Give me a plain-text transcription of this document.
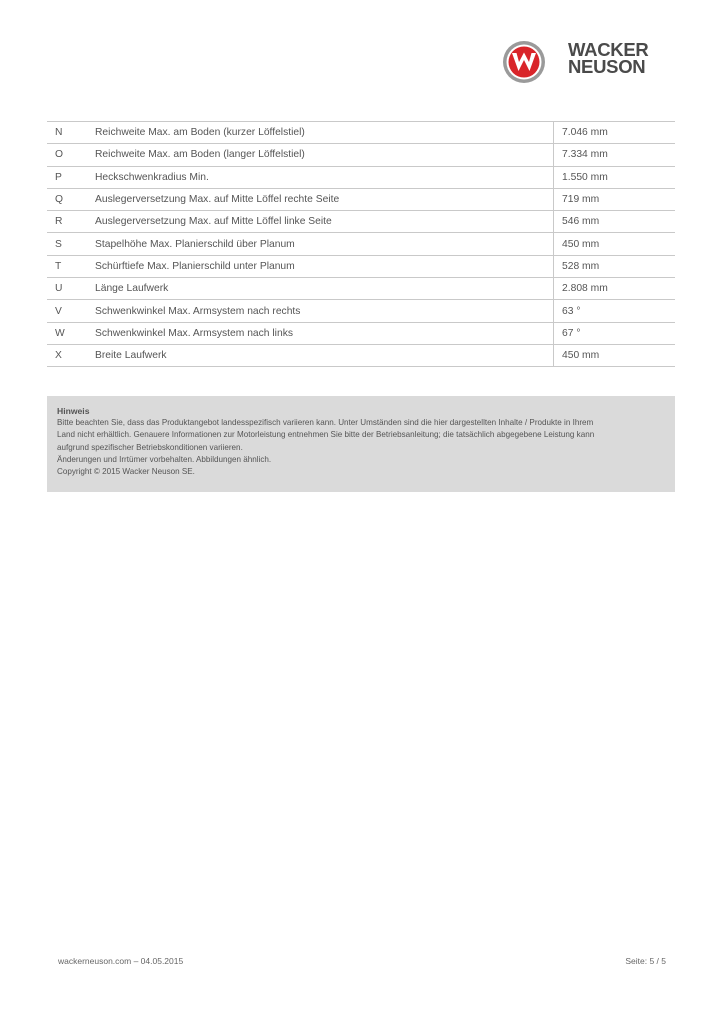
WACKER
NEUSON
N	Reichweite Max. am Boden (kurzer Löffelstiel)	7.046 mm
O	Reichweite Max. am Boden (langer Löffelstiel)	7.334 mm
P	Heckschwenkradius Min.	1.550 mm
Q	Auslegerversetzung Max. auf Mitte Löffel rechte Seite	719 mm
R	Auslegerversetzung Max. auf Mitte Löffel linke Seite	546 mm
S	Stapelhöhe Max. Planierschild über Planum	450 mm
T	Schürftiefe Max. Planierschild unter Planum	528 mm
U	Länge Laufwerk	2.808 mm
V	Schwenkwinkel Max. Armsystem nach rechts	63 °
W	Schwenkwinkel Max. Armsystem nach links	67 °
X	Breite Laufwerk	450 mm
Hinweis
Bitte beachten Sie, dass das Produktangebot landesspezifisch variieren kann. Unter Umständen sind die hier dargestellten Inhalte / Produkte in Ihrem
Land nicht erhältlich. Genauere Informationen zur Motorleistung entnehmen Sie bitte der Betriebsanleitung; die tatsächlich abgegebene Leistung kann
aufgrund spezifischer Betriebskonditionen variieren.
Änderungen und Irrtümer vorbehalten. Abbildungen ähnlich.
Copyright © 2015 Wacker Neuson SE.
wackerneuson.com – 04.05.2015	Seite: 5 / 5
